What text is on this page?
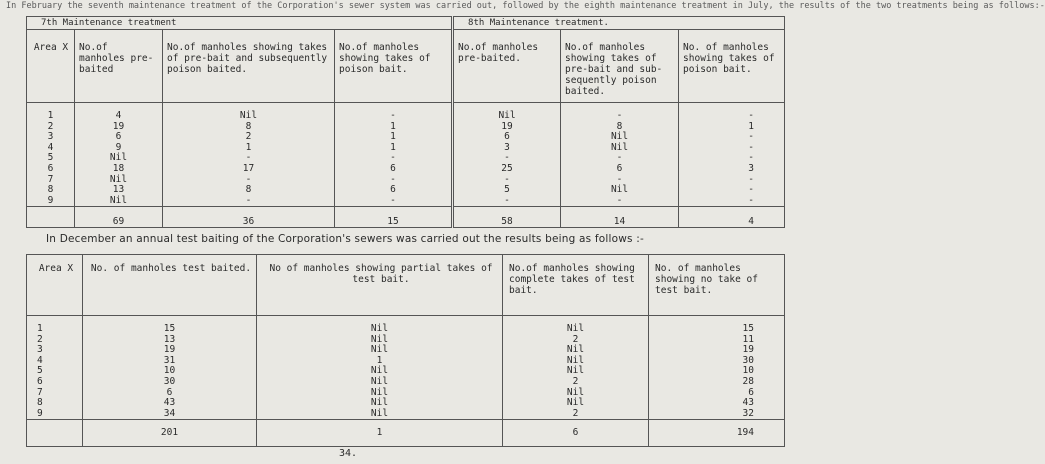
In February the seventh maintenance treatment of the Corporation's sewer system was carried out, followed by the eighth maintenance treatment in July, the results of the two treatments being as follows:-
7th Maintenance treatment				8th Maintenance treatment.		
Area X	No.of manholes pre-baited	No.of manholes showing takes of pre-bait and subsequently poison baited.	No.of manholes showing takes of poison bait.	No.of manholes pre-baited.	No.of manholes showing takes of pre-bait and sub-sequently poison baited.	No. of manholes showing takes of poison bait.
1	4	Nil	-	Nil	-	-
2	19	8	1	19	8	1
3	6	2	1	6	Nil	-
4	9	1	1	3	Nil	-
5	Nil	-	-	-	-	-
6	18	17	6	25	6	3
7	Nil	-	-	-	-	-
8	13	8	6	5	Nil	-
9	Nil	-	-	-	-	-
	69	36	15	58	14	4
In December an annual test baiting of the Corporation's sewers was carried out the results being as follows :-
Area X	No. of manholes test baited.	No of manholes showing partial takes of test bait.	No.of manholes showing complete takes of test bait.	No. of manholes showing no take of test bait.
1	15	Nil	Nil	15
2	13	Nil	2	11
3	19	Nil	Nil	19
4	31	1	Nil	30
5	10	Nil	Nil	10
6	30	Nil	2	28
7	6	Nil	Nil	6
8	43	Nil	Nil	43
9	34	Nil	2	32
	201	1	6	194
34.
